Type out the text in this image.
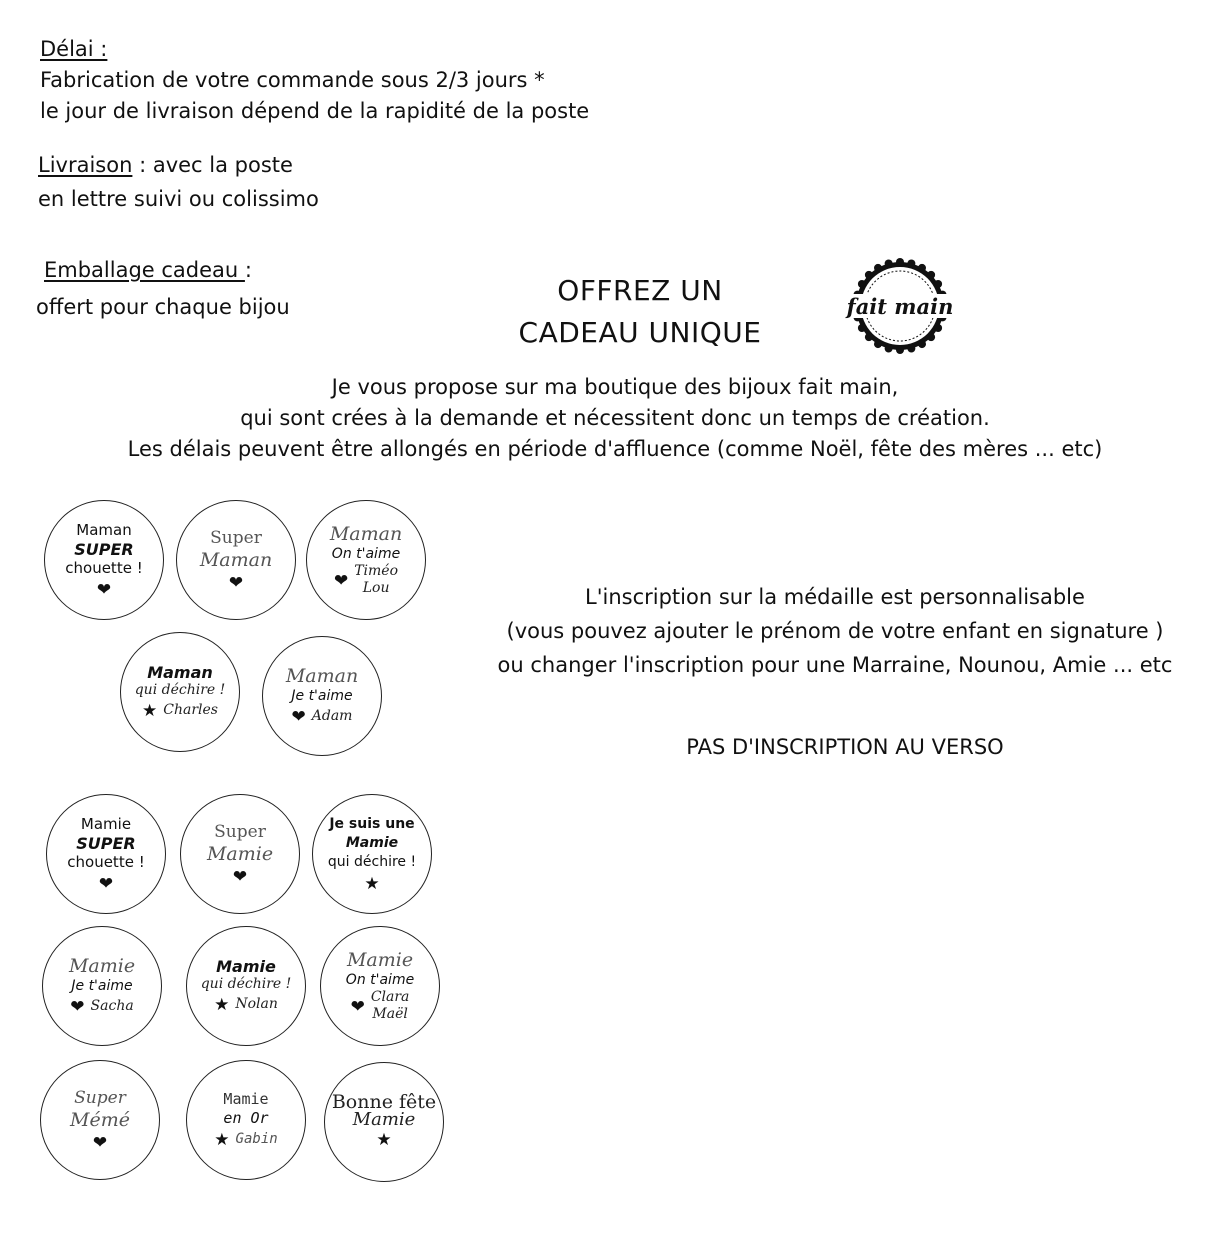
Délai :
Fabrication de votre commande sous 2/3 jours *
le jour de livraison dépend de la rapidité de la poste
Livraison : avec la poste
en lettre suivi ou colissimo
Emballage cadeau :
offert pour chaque bijou	OFFREZ UN
CADEAU UNIQUE
fait main
Je vous propose sur ma boutique des bijoux fait main,
qui sont crées à la demande et nécessitent donc un temps de création.
Les délais peuvent être allongés en période d'affluence (comme Noël, fête des mères ... etc)
L'inscription sur la médaille est personnalisable
(vous pouvez ajouter le prénom de votre enfant en signature )
ou changer l'inscription pour une Marraine, Nounou, Amie ... etc
PAS D'INSCRIPTION AU VERSO
Maman
SUPER
chouette !
❤
Super
Maman
❤
Maman
On t'aime
❤ Timéo
Lou
Maman
qui déchire !
★ Charles
Maman
Je t'aime
❤ Adam
Mamie
SUPER
chouette !
❤
Super
Mamie
❤
Je suis une
Mamie
qui déchire !
★
Mamie
Je t'aime
❤ Sacha
Mamie
qui déchire !
★ Nolan
Mamie
On t'aime
❤ Clara
Maël
Super
Mémé
❤
Mamie
en Or
★ Gabin
Bonne fête
Mamie
★
